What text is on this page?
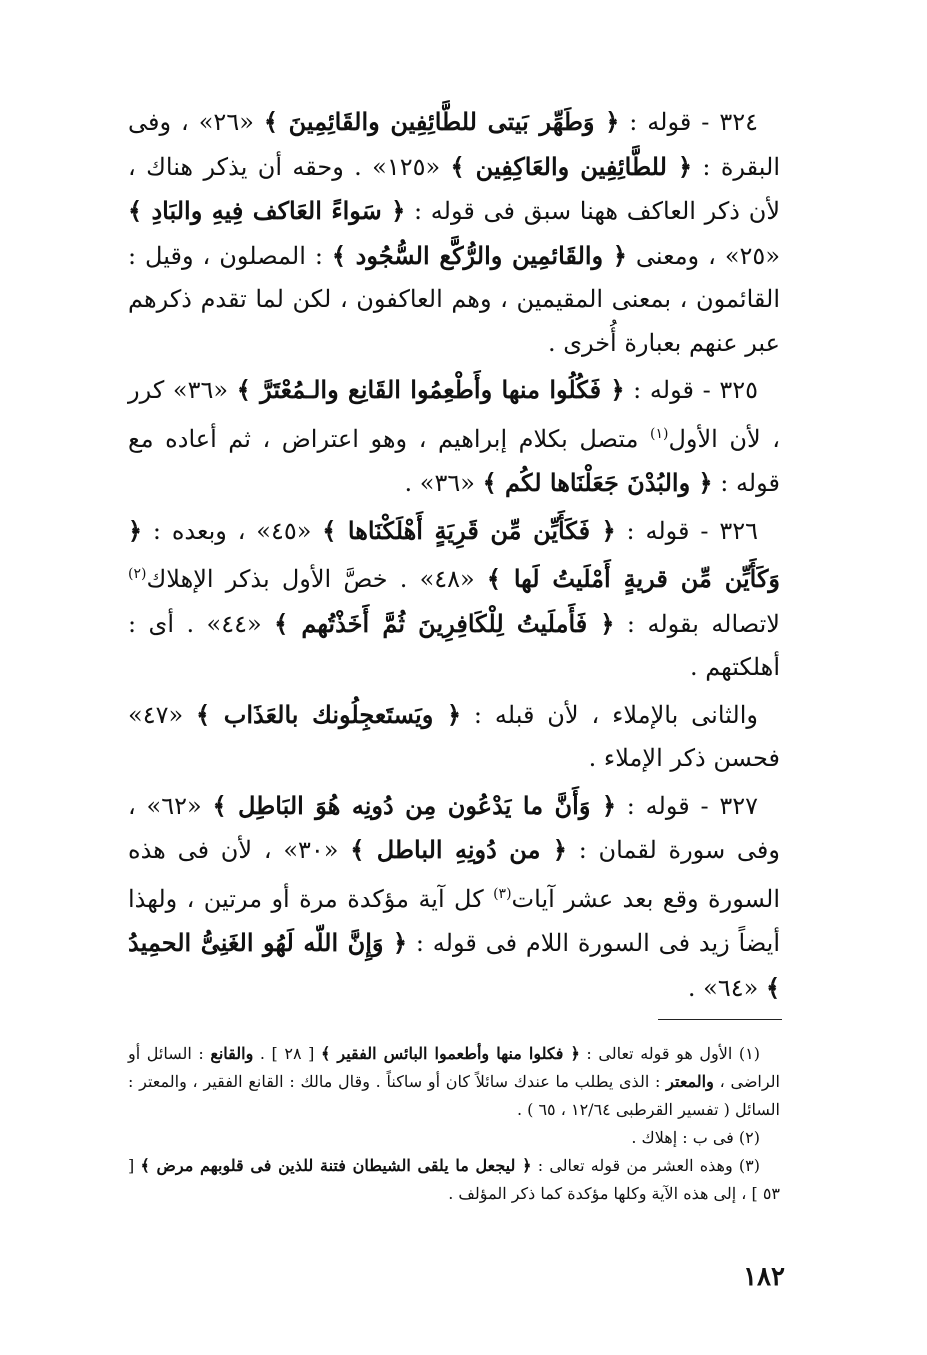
٣٢٤ - قوله : ﴿ وَطَهِّر بَيتى للطَّائِفِين والقَائِمِينَ ﴾ «٢٦» ، وفى البقرة : ﴿ للطَّائِفِين والعَاكِفِين ﴾ «١٢٥» . وحقه أن يذكر هناك ، لأن ذكر العاكف ههنا سبق فى قوله : ﴿ سَواءً العَاكف فِيهِ والبَادِ ﴾ «٢٥» ، ومعنى ﴿ والقَائمِين والرُّكَّع السُّجُود ﴾ : المصلون ، وقيل : القائمون ، بمعنى المقيمين ، وهم العاكفون ، لكن لما تقدم ذكرهم عبر عنهم بعبارة أُخرى .

٣٢٥ - قوله : ﴿ فَكُلُوا منها وأَطْعِمُوا القَانِع والـمُعْتَرَّ ﴾ «٣٦» كرر ، لأن الأول$^{(١)}$ متصل بكلام إبراهيم ، وهو اعتراض ، ثم أعاده مع قوله : ﴿ والبُدْنَ جَعَلْنَاها لكُم ﴾ «٣٦» .

٣٢٦ - قوله : ﴿ فَكَأَيِّن مِّن قَرِيَةٍ أَهْلَكْنَاها ﴾ «٤٥» ، وبعده : ﴿ وَكَأَيِّن مِّن قريةٍ أَمْلَيتُ لَها ﴾ «٤٨» . خصَّ الأول بذكر الإهلاك$^{(٢)}$ لاتصاله بقوله : ﴿ فَأَملَيتُ لِلْكَافِرِينَ ثُمَّ أَخَذْتُهم ﴾ «٤٤» . أى : أهلكتهم .

والثانى بالإملاء ، لأن قبله : ﴿ ويَستَعجِلُونك بالعَذَاب ﴾ «٤٧» فحسن ذكر الإملاء .

٣٢٧ - قوله : ﴿ وَأَنَّ ما يَدْعُون مِن دُونِه هُوَ البَاطِل ﴾ «٦٢» ، وفى سورة لقمان : ﴿ من دُونِهِ الباطل ﴾ «٣٠» ، لأن فى هذه السورة وقع بعد عشر آيات$^{(٣)}$ كل آية مؤكدة مرة أو مرتين ، ولهذا أيضاً زيد فى السورة اللام فى قوله : ﴿ وَإِنَّ اللّه لَهُو الغَنِىُّ الحمِيدُ ﴾ «٦٤» .

(١) الأول هو قوله تعالى : ﴿ فكلوا منها وأطعموا البائس الفقير ﴾ [ ٢٨ ] . والقانع : السائل أو الراضى ، والمعتر : الذى يطلب ما عندك سائلاً كان أو ساكناً . وقال مالك : القانع الفقير ، والمعتر : السائل ( تفسير القرطبى ١٢/٦٤ ، ٦٥ ) .

(٢) فى ب : إهلاك .

(٣) وهذه العشر من قوله تعالى : ﴿ ليجعل ما يلقى الشيطان فتنة للذين فى قلوبهم مرض ﴾ [ ٥٣ ] ، إلى هذه الآية وكلها مؤكدة كما ذكر المؤلف .

١٨٢
